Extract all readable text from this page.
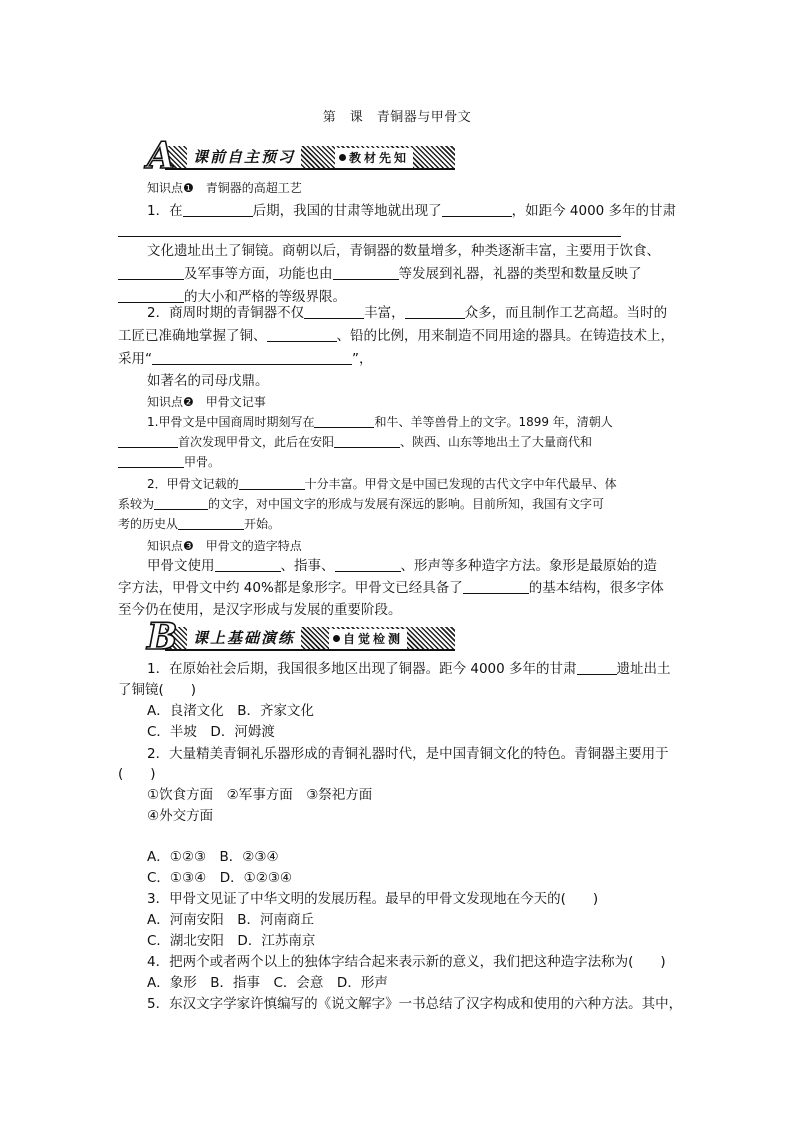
第　课　青铜器与甲骨文
A	课前自主预习	教材先知
知识点❶　 青铜器的高超工艺
1．在	后期，我国的甘肃等地就出现了	，如距今 4000 多年的甘肃
文化遗址出土了铜镜。商朝以后，青铜器的数量增多，种类逐渐丰富，主要用于饮食、
及军事等方面，功能也由	等发展到礼器，礼器的类型和数量反映了
的大小和严格的等级界限。
2．商周时期的青铜器不仅	丰富，	众多，而且制作工艺高超。当时的
工匠已准确地掌握了铜、	、铅的比例，用来制造不同用途的器具。在铸造技术上，
采用“	”，
如著名的司母戊鼎。
知识点❷　 甲骨文记事
1.甲骨文是中国商周时期刻写在	和牛、羊等兽骨上的文字。1899 年，清朝人
首次发现甲骨文，此后在安阳	、陕西、山东等地出土了大量商代和
甲骨。
2．甲骨文记载的	十分丰富。甲骨文是中国已发现的古代文字中年代最早、体
系较为	的文字，对中国文字的形成与发展有深远的影响。目前所知，我国有文字可
考的历史从	开始。
知识点❸　 甲骨文的造字特点
甲骨文使用	、指事、	、形声等多种造字方法。象形是最原始的造
字方法，甲骨文中约 40%都是象形字。甲骨文已经具备了	的基本结构，很多字体
至今仍在使用，是汉字形成与发展的重要阶段。
B	课上基础演练	自觉检测
1．在原始社会后期，我国很多地区出现了铜器。距今 4000 多年的甘肃	遗址出土
了铜镜(　　)
A．良渚文化　B．齐家文化
C．半坡　D．河姆渡
2．大量精美青铜礼乐器形成的青铜礼器时代，是中国青铜文化的特色。青铜器主要用于
(　　)
①饮食方面　②军事方面　③祭祀方面
④外交方面
A．①②③　B．②③④
C．①③④　D．①②③④
3．甲骨文见证了中华文明的发展历程。最早的甲骨文发现地在今天的(　　)
A．河南安阳　B．河南商丘
C．湖北安阳　D．江苏南京
4．把两个或者两个以上的独体字结合起来表示新的意义，我们把这种造字法称为(　　)
A．象形　B．指事　C．会意　D．形声
5．东汉文字学家许慎编写的《说文解字》一书总结了汉字构成和使用的六种方法。其中，
